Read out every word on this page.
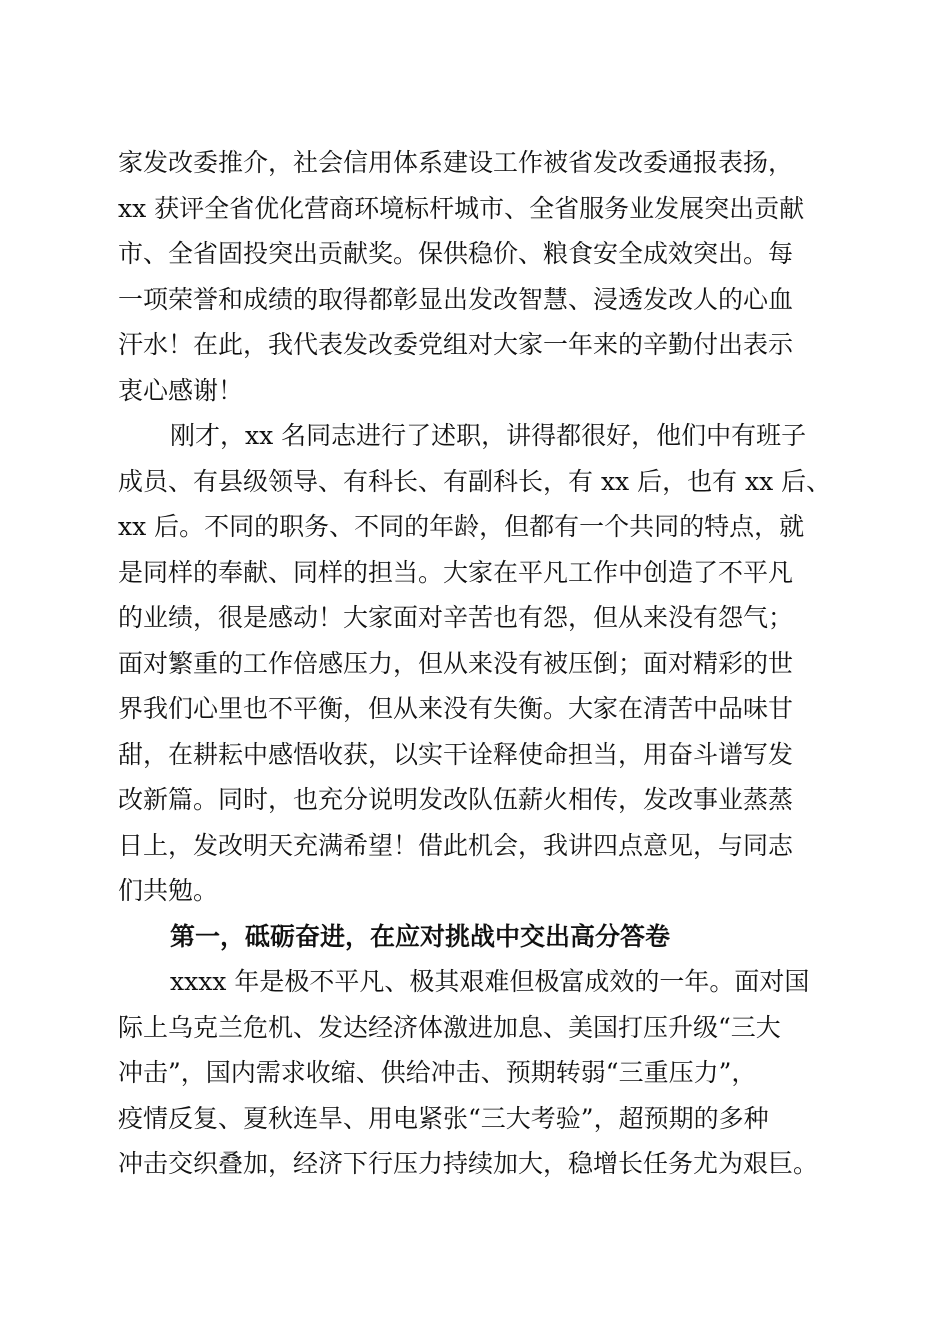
家发改委推介，社会信用体系建设工作被省发改委通报表扬，
xx 获评全省优化营商环境标杆城市、全省服务业发展突出贡献
市、全省固投突出贡献奖。保供稳价、粮食安全成效突出。每
一项荣誉和成绩的取得都彰显出发改智慧、浸透发改人的心血
汗水！在此，我代表发改委党组对大家一年来的辛勤付出表示
衷心感谢！
刚才，xx 名同志进行了述职，讲得都很好，他们中有班子
成员、有县级领导、有科长、有副科长，有 xx 后，也有 xx 后、
xx 后。不同的职务、不同的年龄，但都有一个共同的特点，就
是同样的奉献、同样的担当。大家在平凡工作中创造了不平凡
的业绩，很是感动！大家面对辛苦也有怨，但从来没有怨气；
面对繁重的工作倍感压力，但从来没有被压倒；面对精彩的世
界我们心里也不平衡，但从来没有失衡。大家在清苦中品味甘
甜，在耕耘中感悟收获，以实干诠释使命担当，用奋斗谱写发
改新篇。同时，也充分说明发改队伍薪火相传，发改事业蒸蒸
日上，发改明天充满希望！借此机会，我讲四点意见，与同志
们共勉。
第一，砥砺奋进，在应对挑战中交出高分答卷
xxxx 年是极不平凡、极其艰难但极富成效的一年。面对国
际上乌克兰危机、发达经济体激进加息、美国打压升级“三大
冲击”，国内需求收缩、供给冲击、预期转弱“三重压力”，
疫情反复、夏秋连旱、用电紧张“三大考验”，超预期的多种
冲击交织叠加，经济下行压力持续加大，稳增长任务尤为艰巨。
